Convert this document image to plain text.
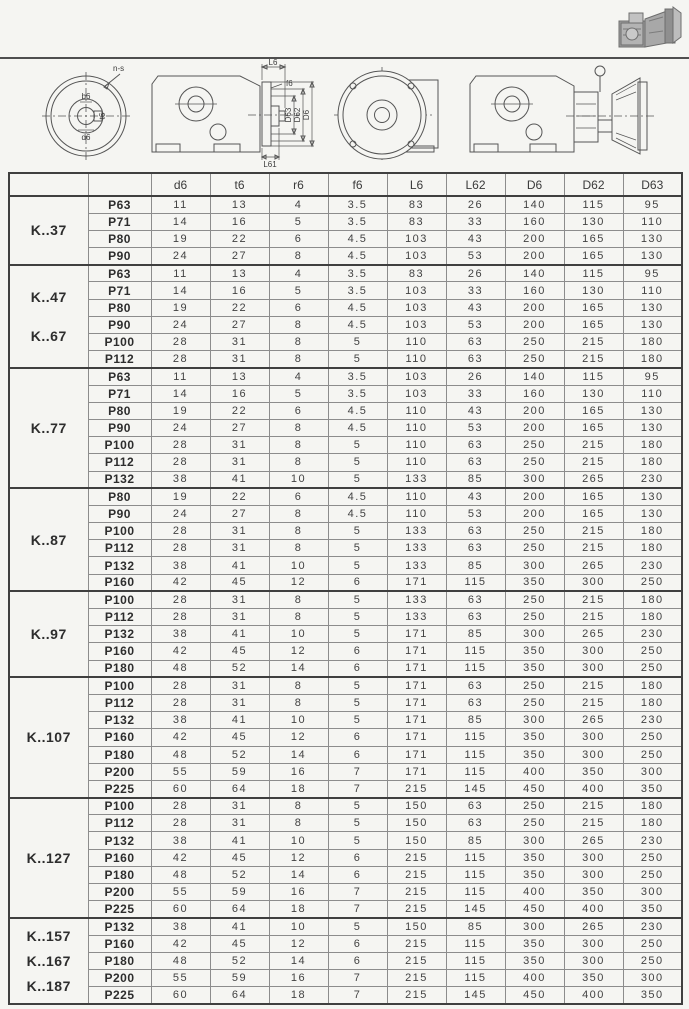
n-s
b6
t6
d6
L6
f6
D63 D62 D6
L61
		d6	t6	r6	f6	L6	L62	D6	D62	D63

K..37	P63	11	13	4	3.5	83	26	140	115	95
	P71	14	16	5	3.5	83	33	160	130	110
	P80	19	22	6	4.5	103	43	200	165	130
	P90	24	27	8	4.5	103	53	200	165	130

K..47
K..67	P63	11	13	4	3.5	83	26	140	115	95
	P71	14	16	5	3.5	103	33	160	130	110
	P80	19	22	6	4.5	103	43	200	165	130
	P90	24	27	8	4.5	103	53	200	165	130
	P100	28	31	8	5	110	63	250	215	180
	P112	28	31	8	5	110	63	250	215	180

K..77	P63	11	13	4	3.5	103	26	140	115	95
	P71	14	16	5	3.5	103	33	160	130	110
	P80	19	22	6	4.5	110	43	200	165	130
	P90	24	27	8	4.5	110	53	200	165	130
	P100	28	31	8	5	110	63	250	215	180
	P112	28	31	8	5	110	63	250	215	180
	P132	38	41	10	5	133	85	300	265	230

K..87	P80	19	22	6	4.5	110	43	200	165	130
	P90	24	27	8	4.5	110	53	200	165	130
	P100	28	31	8	5	133	63	250	215	180
	P112	28	31	8	5	133	63	250	215	180
	P132	38	41	10	5	133	85	300	265	230
	P160	42	45	12	6	171	115	350	300	250

K..97	P100	28	31	8	5	133	63	250	215	180
	P112	28	31	8	5	133	63	250	215	180
	P132	38	41	10	5	171	85	300	265	230
	P160	42	45	12	6	171	115	350	300	250
	P180	48	52	14	6	171	115	350	300	250

K..107	P100	28	31	8	5	171	63	250	215	180
	P112	28	31	8	5	171	63	250	215	180
	P132	38	41	10	5	171	85	300	265	230
	P160	42	45	12	6	171	115	350	300	250
	P180	48	52	14	6	171	115	350	300	250
	P200	55	59	16	7	171	115	400	350	300
	P225	60	64	18	7	215	145	450	400	350

K..127	P100	28	31	8	5	150	63	250	215	180
	P112	28	31	8	5	150	63	250	215	180
	P132	38	41	10	5	150	85	300	265	230
	P160	42	45	12	6	215	115	350	300	250
	P180	48	52	14	6	215	115	350	300	250
	P200	55	59	16	7	215	115	400	350	300
	P225	60	64	18	7	215	145	450	400	350

K..157
K..167
K..187	P132	38	41	10	5	150	85	300	265	230
	P160	42	45	12	6	215	115	350	300	250
	P180	48	52	14	6	215	115	350	300	250
	P200	55	59	16	7	215	115	400	350	300
	P225	60	64	18	7	215	145	450	400	350
